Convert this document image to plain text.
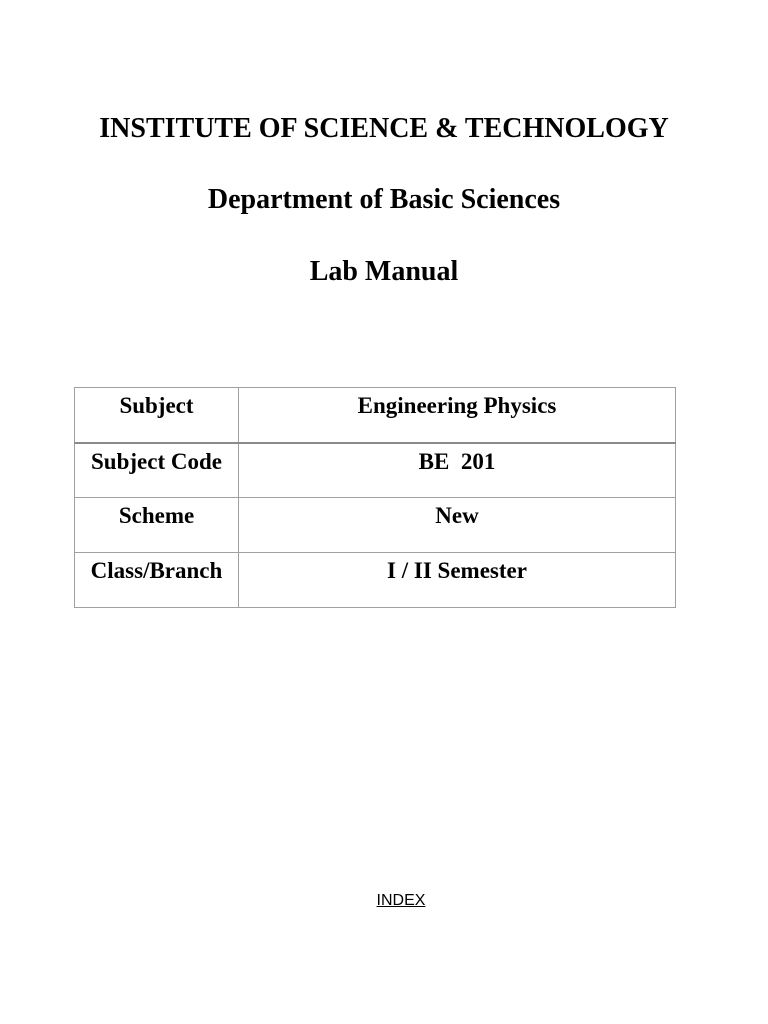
INSTITUTE OF SCIENCE & TECHNOLOGY
Department of Basic Sciences
Lab Manual
Subject	Engineering Physics
Subject Code	BE  201
Scheme	New
Class/Branch	I / II Semester
INDEX
